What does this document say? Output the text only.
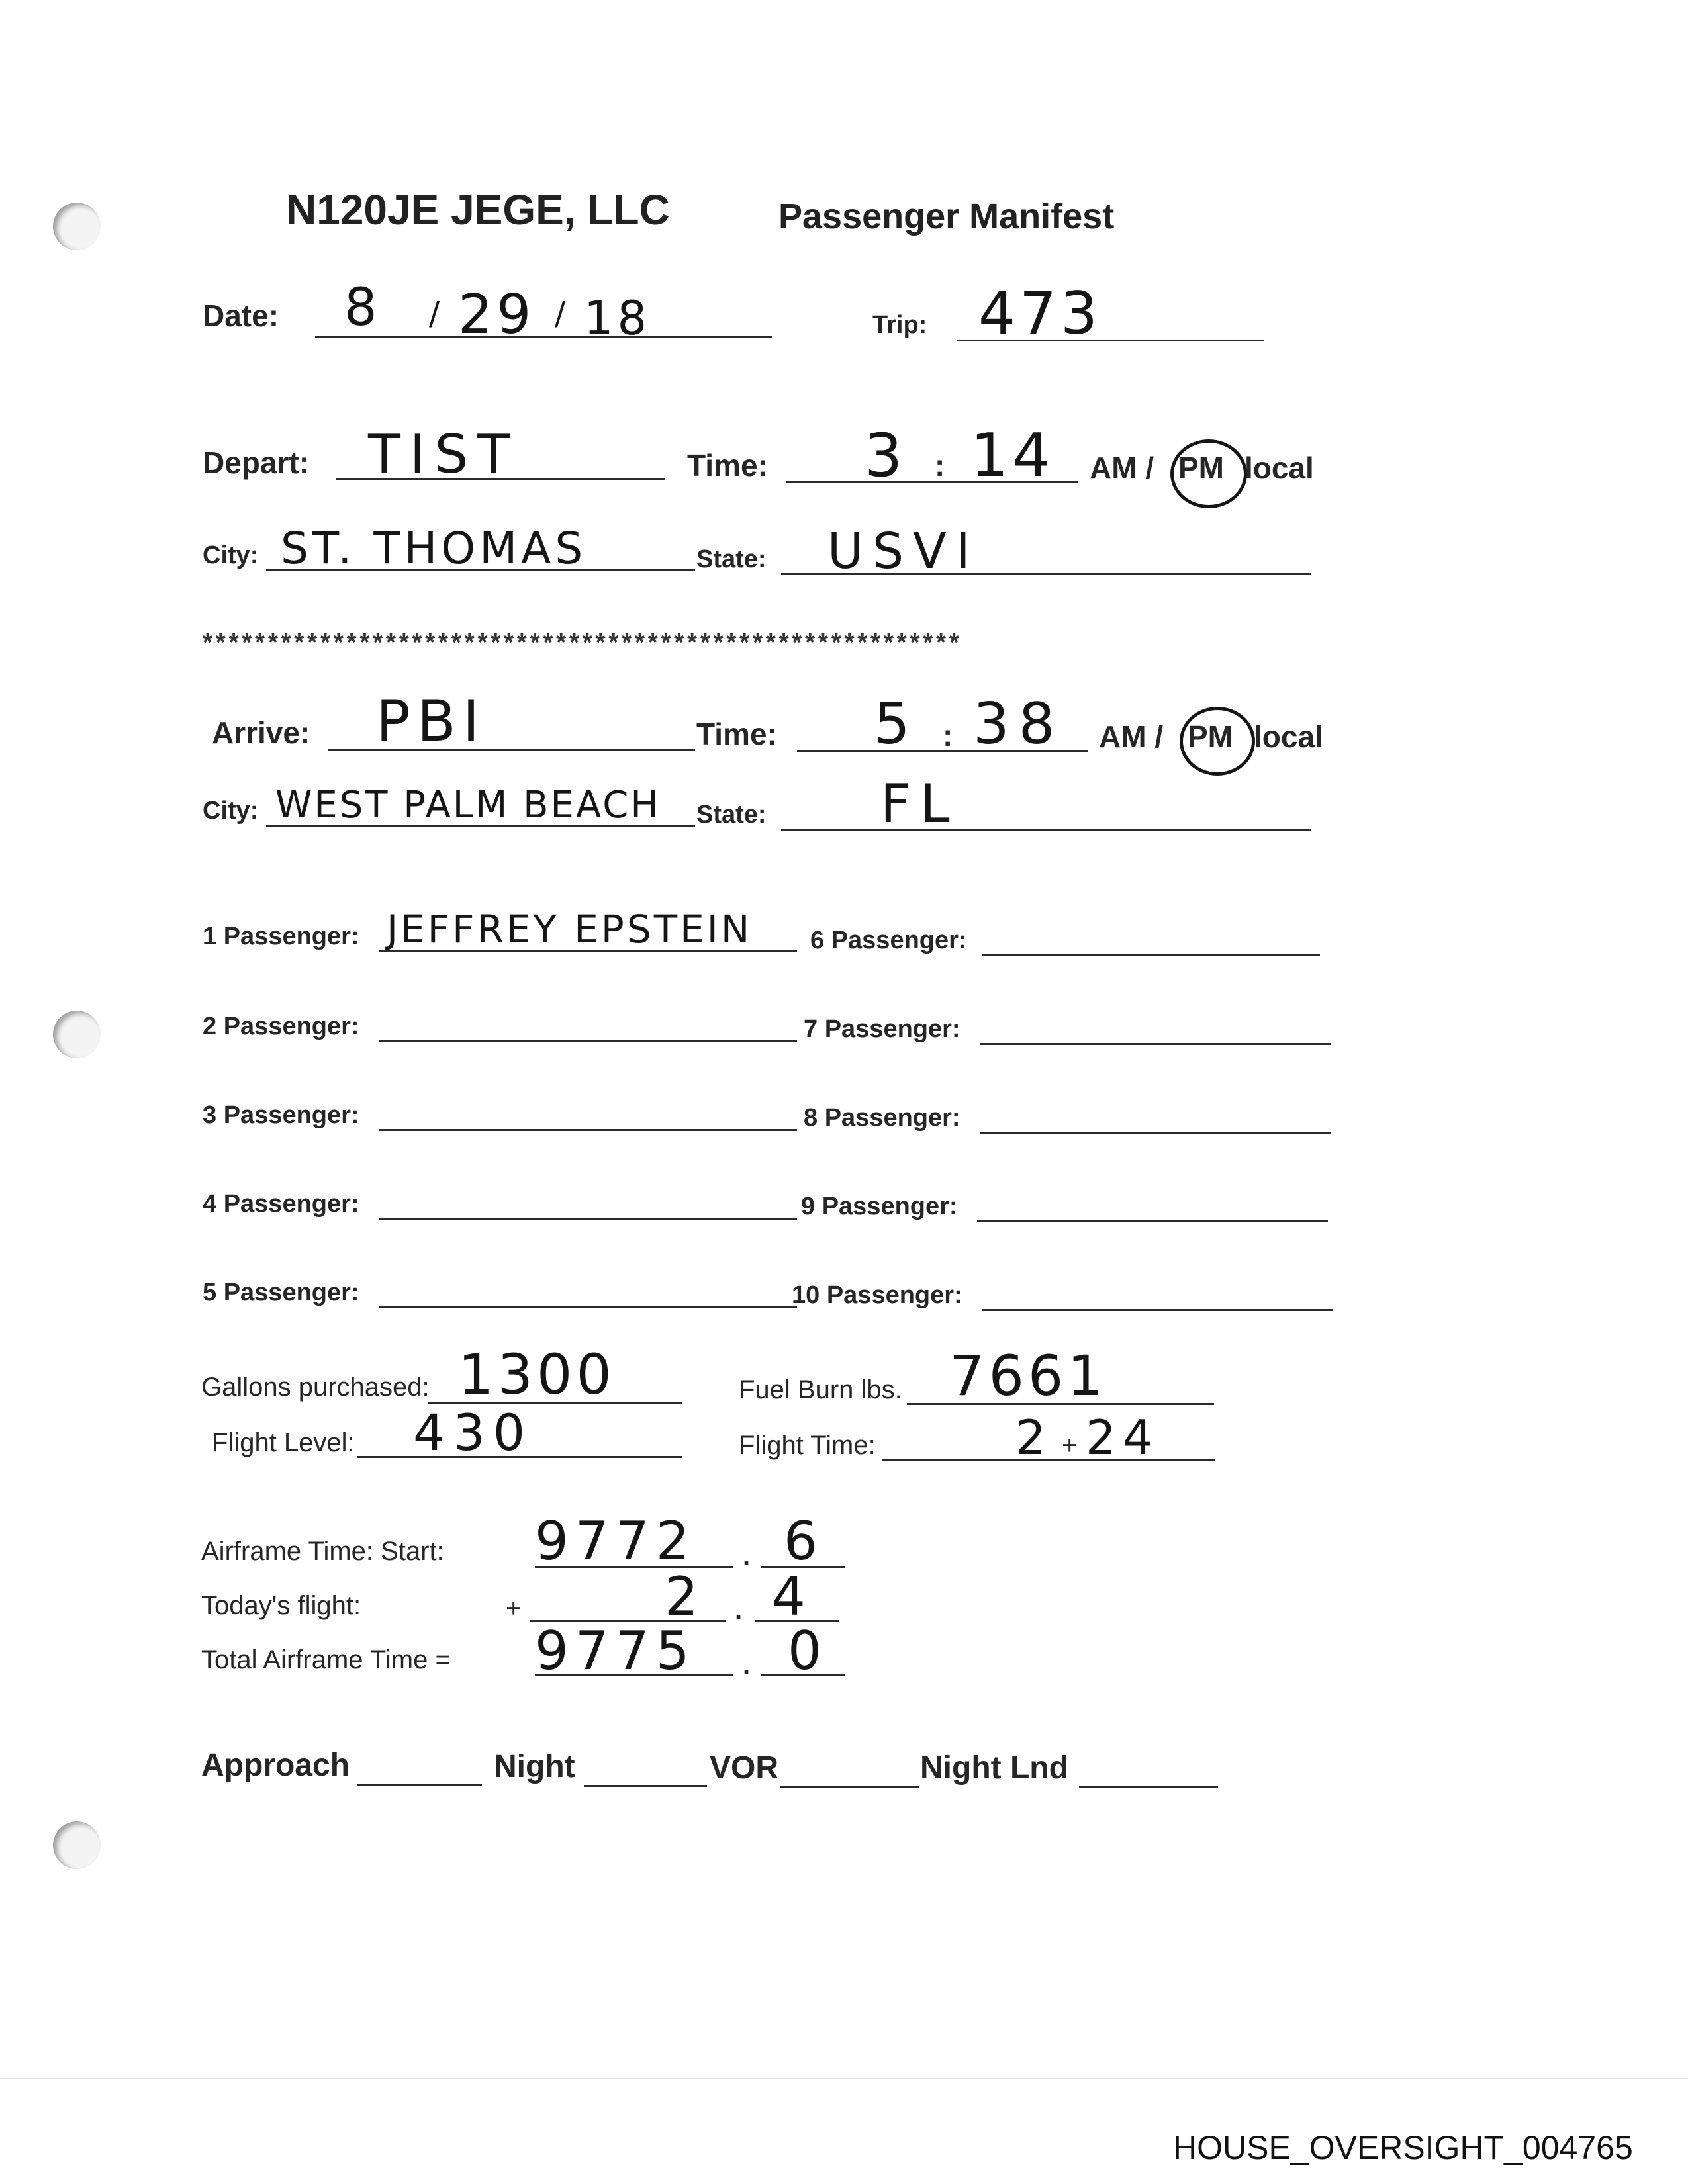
N120JE JEGE, LLC	Passenger Manifest
Date: 8 / 29 / 18	Trip: 473
Depart: TIST	Time: 3 : 14 AM / PM local
City: ST. THOMAS	State: USVI
**********************************************************
Arrive: PBI	Time: 5 : 38 AM / PM local
City: WEST PALM BEACH State: FL
1 Passenger: JEFFREY EPSTEIN
2 Passenger:
3 Passenger:
4 Passenger:
5 Passenger:
6 Passenger:
7 Passenger:
8 Passenger:
9 Passenger:
10 Passenger:
Gallons purchased: 1300	Fuel Burn lbs. 7661
Flight Level: 430	Flight Time:	2 + 24
Airframe Time: Start: 9772 . 6
Today's flight:	+	2 . 4
Total Airframe Time = 9775 . 0
Approach	Night	VOR	Night Lnd
HOUSE_OVERSIGHT_004765
